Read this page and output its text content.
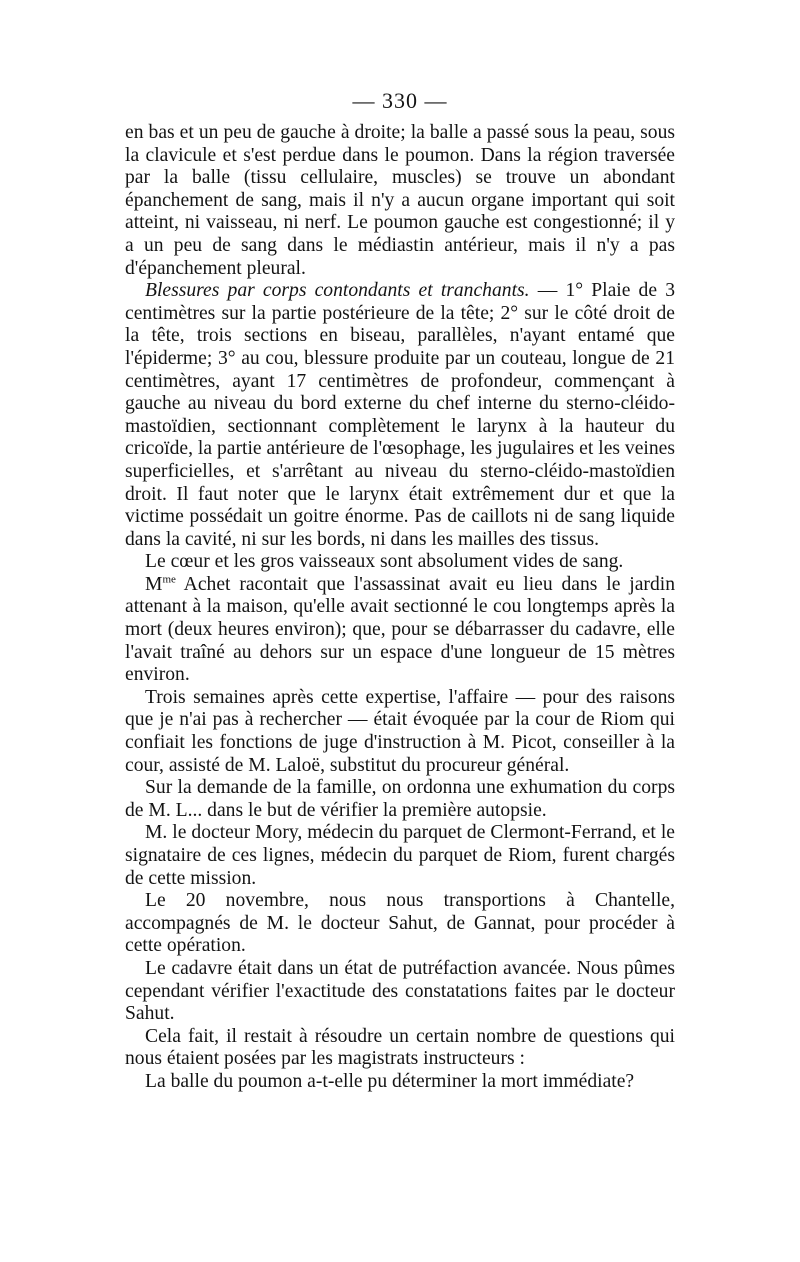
— 330 —

en bas et un peu de gauche à droite; la balle a passé sous la peau, sous la clavicule et s'est perdue dans le poumon. Dans la région traversée par la balle (tissu cellulaire, muscles) se trouve un abondant épanchement de sang, mais il n'y a aucun organe important qui soit atteint, ni vaisseau, ni nerf. Le poumon gauche est congestionné; il y a un peu de sang dans le médiastin antérieur, mais il n'y a pas d'épanchement pleural.

Blessures par corps contondants et tranchants. — 1° Plaie de 3 centimètres sur la partie postérieure de la tête; 2° sur le côté droit de la tête, trois sections en biseau, parallèles, n'ayant entamé que l'épiderme; 3° au cou, blessure produite par un couteau, longue de 21 centimètres, ayant 17 centimètres de profondeur, commençant à gauche au niveau du bord externe du chef interne du sterno-cléido-mastoïdien, sectionnant complètement le larynx à la hauteur du cricoïde, la partie antérieure de l'œsophage, les jugulaires et les veines superficielles, et s'arrêtant au niveau du sterno-cléido-mastoïdien droit. Il faut noter que le larynx était extrêmement dur et que la victime possédait un goitre énorme. Pas de caillots ni de sang liquide dans la cavité, ni sur les bords, ni dans les mailles des tissus.

Le cœur et les gros vaisseaux sont absolument vides de sang.

$M^{me}$ Achet racontait que l'assassinat avait eu lieu dans le jardin attenant à la maison, qu'elle avait sectionné le cou longtemps après la mort (deux heures environ); que, pour se débarrasser du cadavre, elle l'avait traîné au dehors sur un espace d'une longueur de 15 mètres environ.

Trois semaines après cette expertise, l'affaire — pour des raisons que je n'ai pas à rechercher — était évoquée par la cour de Riom qui confiait les fonctions de juge d'instruction à M. Picot, conseiller à la cour, assisté de M. Laloë, substitut du procureur général.

Sur la demande de la famille, on ordonna une exhumation du corps de M. L... dans le but de vérifier la première autopsie.

M. le docteur Mory, médecin du parquet de Clermont-Ferrand, et le signataire de ces lignes, médecin du parquet de Riom, furent chargés de cette mission.

Le 20 novembre, nous nous transportions à Chantelle, accompagnés de M. le docteur Sahut, de Gannat, pour procéder à cette opération.

Le cadavre était dans un état de putréfaction avancée. Nous pûmes cependant vérifier l'exactitude des constatations faites par le docteur Sahut.

Cela fait, il restait à résoudre un certain nombre de questions qui nous étaient posées par les magistrats instructeurs :

La balle du poumon a-t-elle pu déterminer la mort immédiate?
